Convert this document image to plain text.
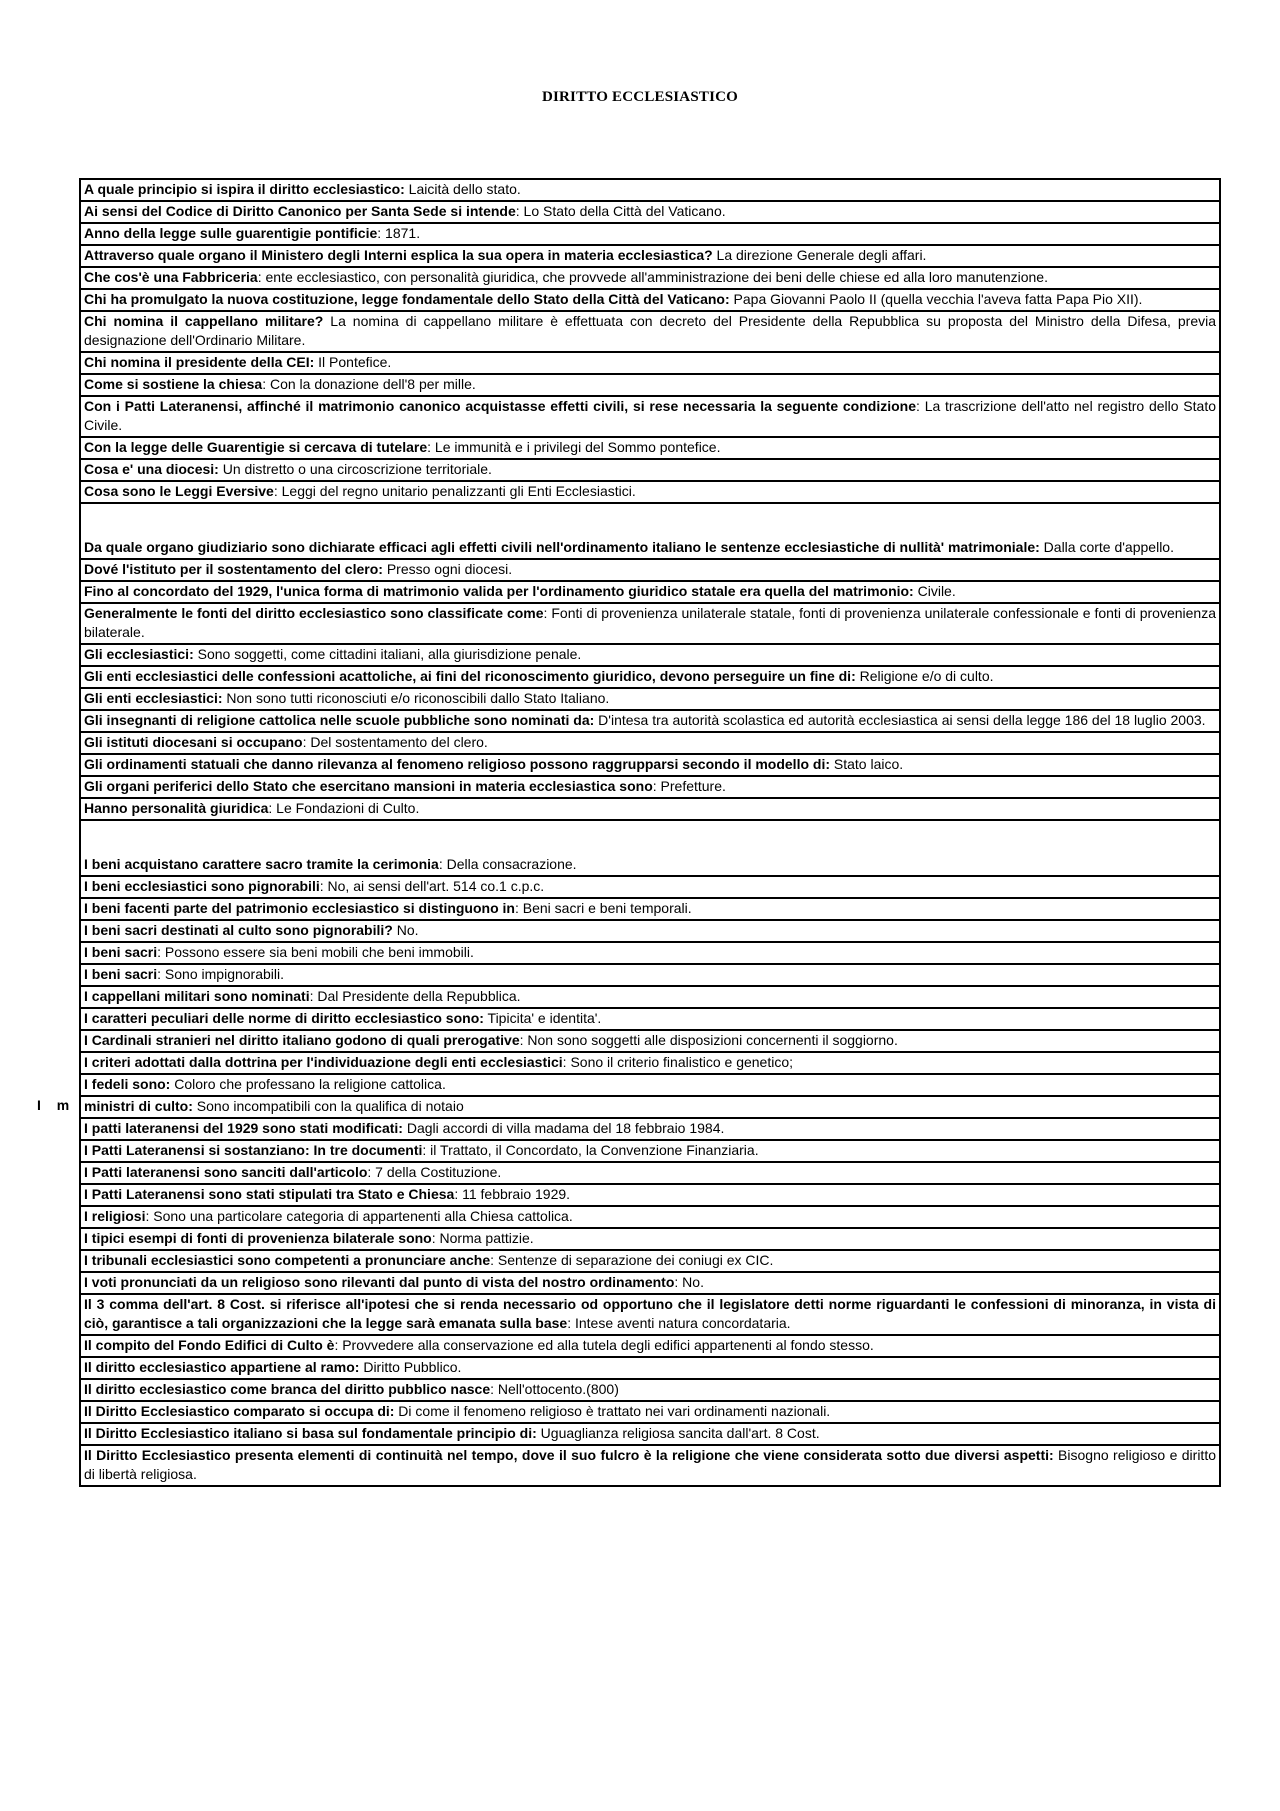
DIRITTO ECCLESIASTICO
I m
A quale principio si ispira il diritto ecclesiastico: Laicità dello stato.
Ai sensi del Codice di Diritto Canonico per Santa Sede si intende: Lo Stato della Città del Vaticano.
Anno della legge sulle guarentigie pontificie: 1871.
Attraverso quale organo il Ministero degli Interni esplica la sua opera in materia ecclesiastica? La direzione Generale degli affari.
Che cos'è una Fabbriceria: ente ecclesiastico, con personalità giuridica, che provvede all'amministrazione dei beni delle chiese ed alla loro manutenzione.
Chi ha promulgato la nuova costituzione, legge fondamentale dello Stato della Città del Vaticano: Papa Giovanni Paolo II (quella vecchia l'aveva fatta Papa Pio XII).
Chi nomina il cappellano militare? La nomina di cappellano militare è effettuata con decreto del Presidente della Repubblica su proposta del Ministro della Difesa, previa designazione dell'Ordinario Militare.
Chi nomina il presidente della CEI: Il Pontefice.
Come si sostiene la chiesa: Con la donazione dell'8 per mille.
Con i Patti Lateranensi, affinché il matrimonio canonico acquistasse effetti civili, si rese necessaria la seguente condizione: La trascrizione dell'atto nel registro dello Stato Civile.
Con la legge delle Guarentigie si cercava di tutelare: Le immunità e i privilegi del Sommo pontefice.
Cosa e' una diocesi: Un distretto o una circoscrizione territoriale.
Cosa sono le Leggi Eversive: Leggi del regno unitario penalizzanti gli Enti Ecclesiastici.
Da quale organo giudiziario sono dichiarate efficaci agli effetti civili nell'ordinamento italiano le sentenze ecclesiastiche di nullità' matrimoniale: Dalla corte d'appello.
Dové l'istituto per il sostentamento del clero: Presso ogni diocesi.
Fino al concordato del 1929, l'unica forma di matrimonio valida per l'ordinamento giuridico statale era quella del matrimonio: Civile.
Generalmente le fonti del diritto ecclesiastico sono classificate come: Fonti di provenienza unilaterale statale, fonti di provenienza unilaterale confessionale e fonti di provenienza bilaterale.
Gli ecclesiastici: Sono soggetti, come cittadini italiani, alla giurisdizione penale.
Gli enti ecclesiastici delle confessioni acattoliche, ai fini del riconoscimento giuridico, devono perseguire un fine di: Religione e/o di culto.
Gli enti ecclesiastici: Non sono tutti riconosciuti e/o riconoscibili dallo Stato Italiano.
Gli insegnanti di religione cattolica nelle scuole pubbliche sono nominati da: D'intesa tra autorità scolastica ed autorità ecclesiastica ai sensi della legge 186 del 18 luglio 2003.
Gli istituti diocesani si occupano: Del sostentamento del clero.
Gli ordinamenti statuali che danno rilevanza al fenomeno religioso possono raggrupparsi secondo il modello di: Stato laico.
Gli organi periferici dello Stato che esercitano mansioni in materia ecclesiastica sono: Prefetture.
Hanno personalità giuridica: Le Fondazioni di Culto.
I beni acquistano carattere sacro tramite la cerimonia: Della consacrazione.
I beni ecclesiastici sono pignorabili: No, ai sensi dell'art. 514 co.1 c.p.c.
I beni facenti parte del patrimonio ecclesiastico si distinguono in: Beni sacri e beni temporali.
I beni sacri destinati al culto sono pignorabili? No.
I beni sacri: Possono essere sia beni mobili che beni immobili.
I beni sacri: Sono impignorabili.
I cappellani militari sono nominati: Dal Presidente della Repubblica.
I caratteri peculiari delle norme di diritto ecclesiastico sono: Tipicita' e identita'.
I Cardinali stranieri nel diritto italiano godono di quali prerogative: Non sono soggetti alle disposizioni concernenti il soggiorno.
I criteri adottati dalla dottrina per l'individuazione degli enti ecclesiastici: Sono il criterio finalistico e genetico;
I fedeli sono: Coloro che professano la religione cattolica.
ministri di culto: Sono incompatibili con la qualifica di notaio
I patti lateranensi del 1929 sono stati modificati: Dagli accordi di villa madama del 18 febbraio 1984.
I Patti Lateranensi si sostanziano: In tre documenti: il Trattato, il Concordato, la Convenzione Finanziaria.
I Patti lateranensi sono sanciti dall'articolo: 7 della Costituzione.
I Patti Lateranensi sono stati stipulati tra Stato e Chiesa: 11 febbraio 1929.
I religiosi: Sono una particolare categoria di appartenenti alla Chiesa cattolica.
I tipici esempi di fonti di provenienza bilaterale sono: Norma pattizie.
I tribunali ecclesiastici sono competenti a pronunciare anche: Sentenze di separazione dei coniugi ex CIC.
I voti pronunciati da un religioso sono rilevanti dal punto di vista del nostro ordinamento: No.
Il 3 comma dell'art. 8 Cost. si riferisce all'ipotesi che si renda necessario od opportuno che il legislatore detti norme riguardanti le confessioni di minoranza, in vista di ciò, garantisce a tali organizzazioni che la legge sarà emanata sulla base: Intese aventi natura concordataria.
Il compito del Fondo Edifici di Culto è: Provvedere alla conservazione ed alla tutela degli edifici appartenenti al fondo stesso.
Il diritto ecclesiastico appartiene al ramo: Diritto Pubblico.
Il diritto ecclesiastico come branca del diritto pubblico nasce: Nell'ottocento.(800)
Il Diritto Ecclesiastico comparato si occupa di: Di come il fenomeno religioso è trattato nei vari ordinamenti nazionali.
Il Diritto Ecclesiastico italiano si basa sul fondamentale principio di: Uguaglianza religiosa sancita dall'art. 8 Cost.
Il Diritto Ecclesiastico presenta elementi di continuità nel tempo, dove il suo fulcro è la religione che viene considerata sotto due diversi aspetti: Bisogno religioso e diritto di libertà religiosa.
